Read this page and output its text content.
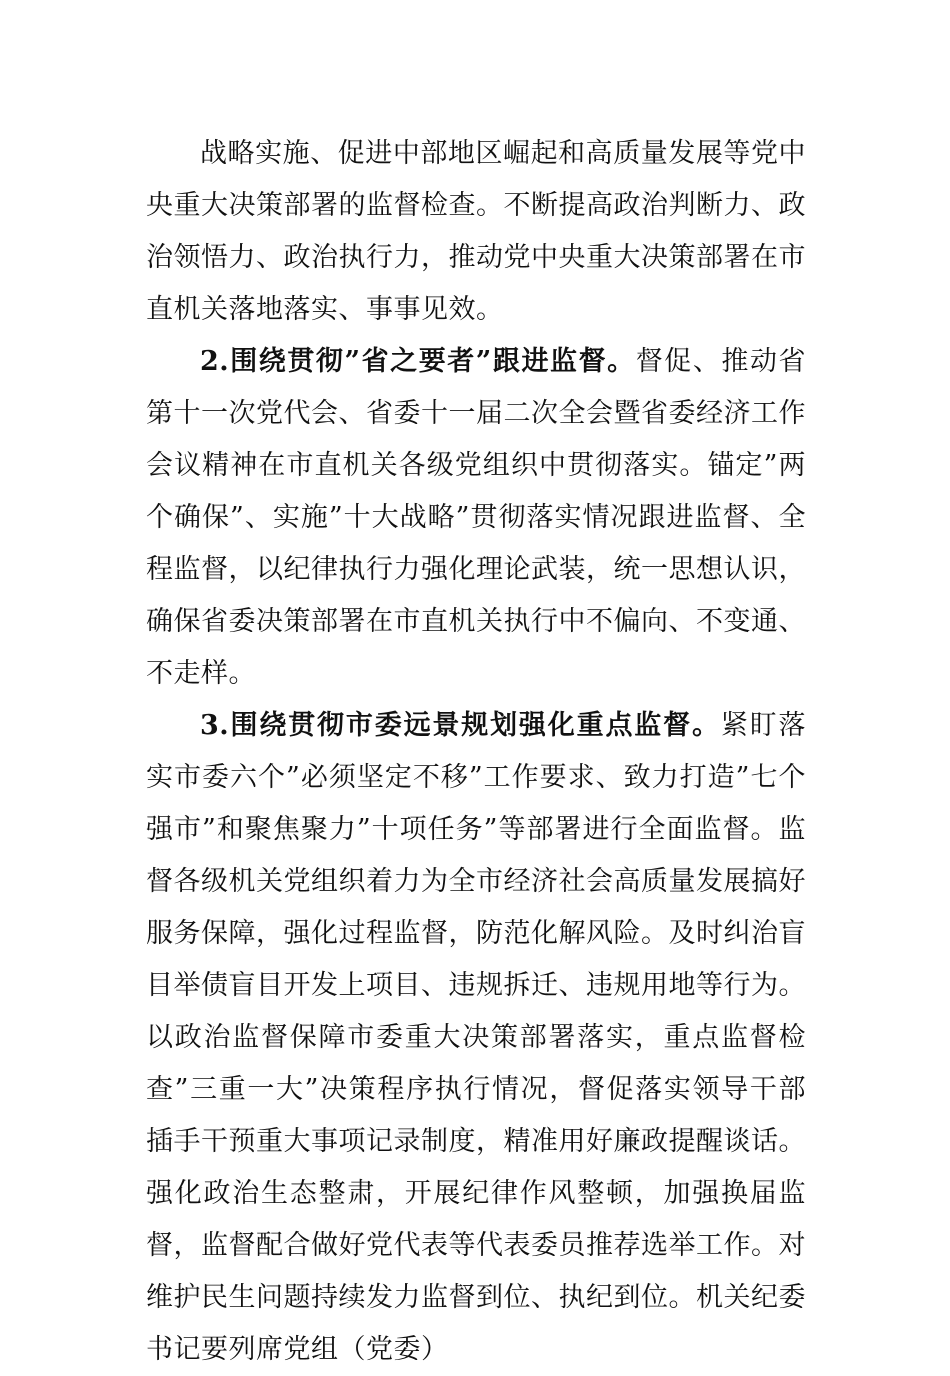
战略实施、促进中部地区崛起和高质量发展等党中央重大决策部署的监督检查。不断提高政治判断力、政治领悟力、政治执行力，推动党中央重大决策部署在市直机关落地落实、事事见效。

2.围绕贯彻”省之要者”跟进监督。督促、推动省第十一次党代会、省委十一届二次全会暨省委经济工作会议精神在市直机关各级党组织中贯彻落实。锚定”两个确保”、实施”十大战略”贯彻落实情况跟进监督、全程监督，以纪律执行力强化理论武装，统一思想认识，确保省委决策部署在市直机关执行中不偏向、不变通、不走样。

3.围绕贯彻市委远景规划强化重点监督。紧盯落实市委六个”必须坚定不移”工作要求、致力打造”七个强市”和聚焦聚力”十项任务”等部署进行全面监督。监督各级机关党组织着力为全市经济社会高质量发展搞好服务保障，强化过程监督，防范化解风险。及时纠治盲目举债盲目开发上项目、违规拆迁、违规用地等行为。以政治监督保障市委重大决策部署落实，重点监督检查”三重一大”决策程序执行情况，督促落实领导干部插手干预重大事项记录制度，精准用好廉政提醒谈话。强化政治生态整肃，开展纪律作风整顿，加强换届监督，监督配合做好党代表等代表委员推荐选举工作。对维护民生问题持续发力监督到位、执纪到位。机关纪委书记要列席党组（党委）
